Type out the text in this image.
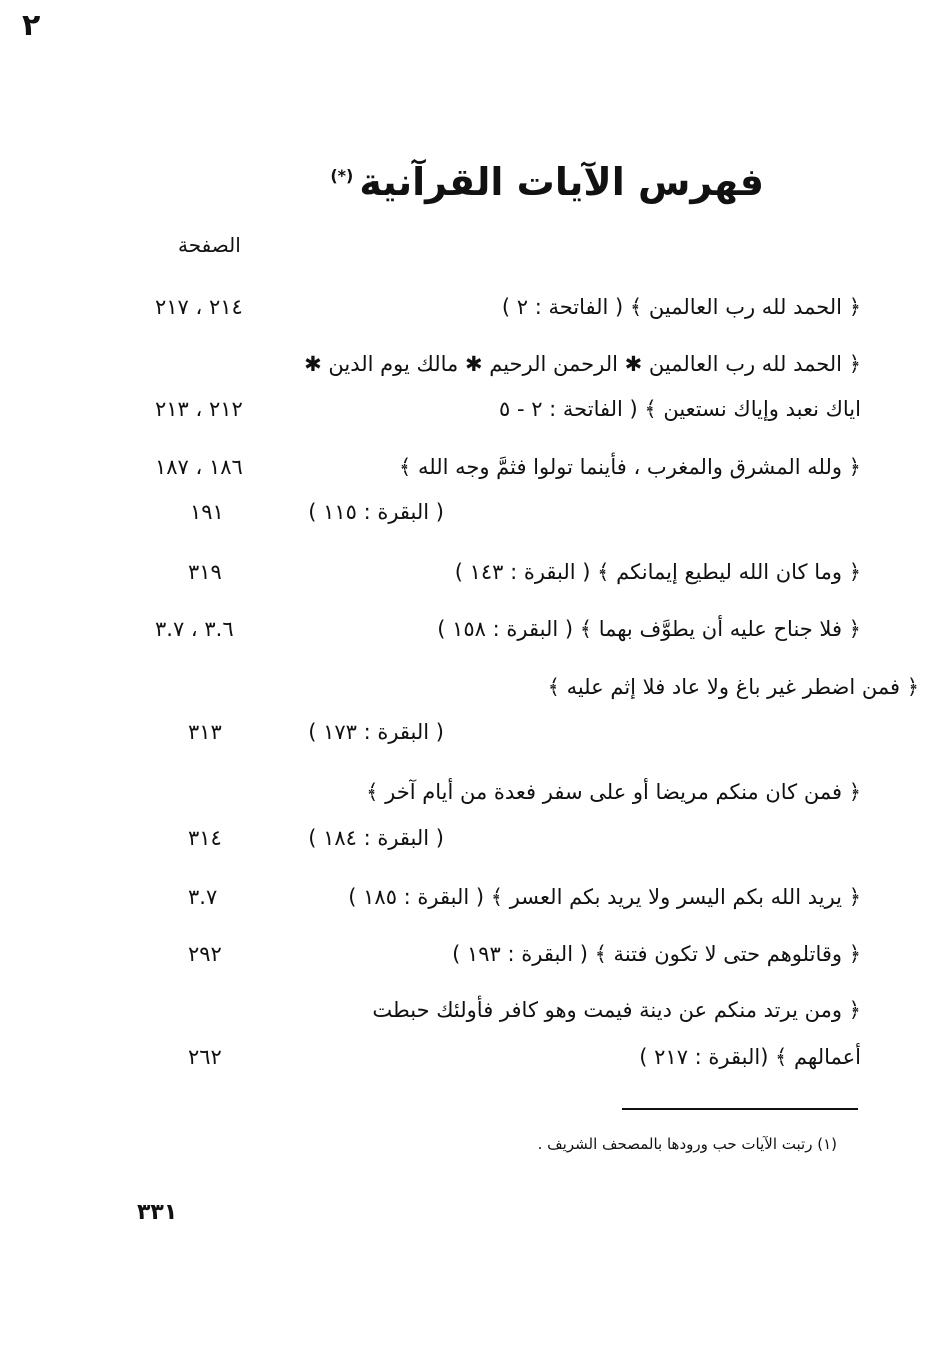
٢
فهرس الآيات القرآنية(*)
الصفحة
﴿ الحمد لله رب العالمين ﴾ ( الفاتحة : ٢ )
٢١٤ ، ٢١٧
﴿ الحمد لله رب العالمين ✱ الرحمن الرحيم ✱ مالك يوم الدين ✱
اياك نعبد وإياك نستعين ﴾ ( الفاتحة : ٢ - ٥
٢١٢ ، ٢١٣
﴿ ولله المشرق والمغرب ، فأينما تولوا فثمَّ وجه الله ﴾
١٨٦ ، ١٨٧
( البقرة : ١١٥ )
١٩١
﴿ وما كان الله ليطيع إيمانكم ﴾ ( البقرة : ١٤٣ )
٣١٩
﴿ فلا جناح عليه أن يطوَّف بهما ﴾ ( البقرة : ١٥٨ )
٣.٦ ، ٣.٧
﴿ فمن اضطر غير باغ ولا عاد فلا إثم عليه ﴾
( البقرة : ١٧٣ )
٣١٣
﴿ فمن كان منكم مريضا أو على سفر فعدة من أيام آخر ﴾
( البقرة : ١٨٤ )
٣١٤
﴿ يريد الله بكم اليسر ولا يريد بكم العسر ﴾ ( البقرة : ١٨٥ )
٣.٧
﴿ وقاتلوهم حتى لا تكون فتنة ﴾ ( البقرة : ١٩٣ )
٢٩٢
﴿ ومن يرتد منكم عن دينة فيمت وهو كافر فأولئك حبطت
أعمالهم ﴾ (البقرة : ٢١٧ )
٢٦٢
(١) رتبت الآيات حب ورودها بالمصحف الشريف .
٣٣١
